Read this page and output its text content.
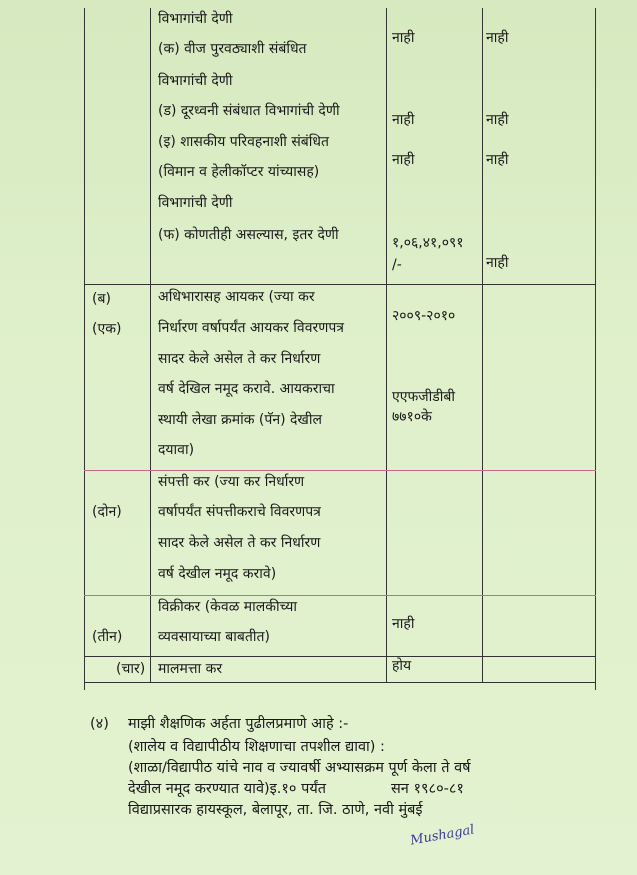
विभागांची देणी
(क) वीज पुरवठ्याशी संबंधित
विभागांची देणी
(ड) दूरध्वनी संबंधात विभागांची देणी
(इ) शासकीय परिवहनाशी संबंधित
(विमान व हेलीकॉप्टर यांच्यासह)
विभागांची देणी
(फ) कोणतीही असल्यास, इतर देणी
नाही
नाही
नाही
१,०६,४१,०९१
/-
नाही
नाही
नाही
नाही
(ब)
(एक)
अधिभारासह आयकर (ज्या कर
निर्धारण वर्षापर्यंत आयकर विवरणपत्र
सादर केले असेल ते कर निर्धारण
वर्ष देखिल नमूद करावे. आयकराचा
स्थायी लेखा क्रमांक (पॅन) देखील
दयावा)
२००९-२०१०
एएफजीडीबी
७७१०के
(दोन)
संपत्ती कर (ज्या कर निर्धारण
वर्षापर्यंत संपत्तीकराचे विवरणपत्र
सादर केले असेल ते कर निर्धारण
वर्ष देखील नमूद करावे)
(तीन)
विक्रीकर (केवळ मालकीच्या
व्यवसायाच्या बाबतीत)
नाही
(चार) मालमत्ता कर	होय
(४) माझी शैक्षणिक अर्हता पुढीलप्रमाणे आहे :-
(शालेय व विद्यापीठीय शिक्षणाचा तपशील द्यावा) :
(शाळा/विद्यापीठ यांचे नाव व ज्यावर्षी अभ्यासक्रम पूर्ण केला ते वर्ष
देखील नमूद करण्यात यावे)इ.१० पर्यंत	सन १९८०-८१
विद्याप्रसारक हायस्कूल, बेलापूर, ता. जि. ठाणे, नवी मुंबई
Mushagal
